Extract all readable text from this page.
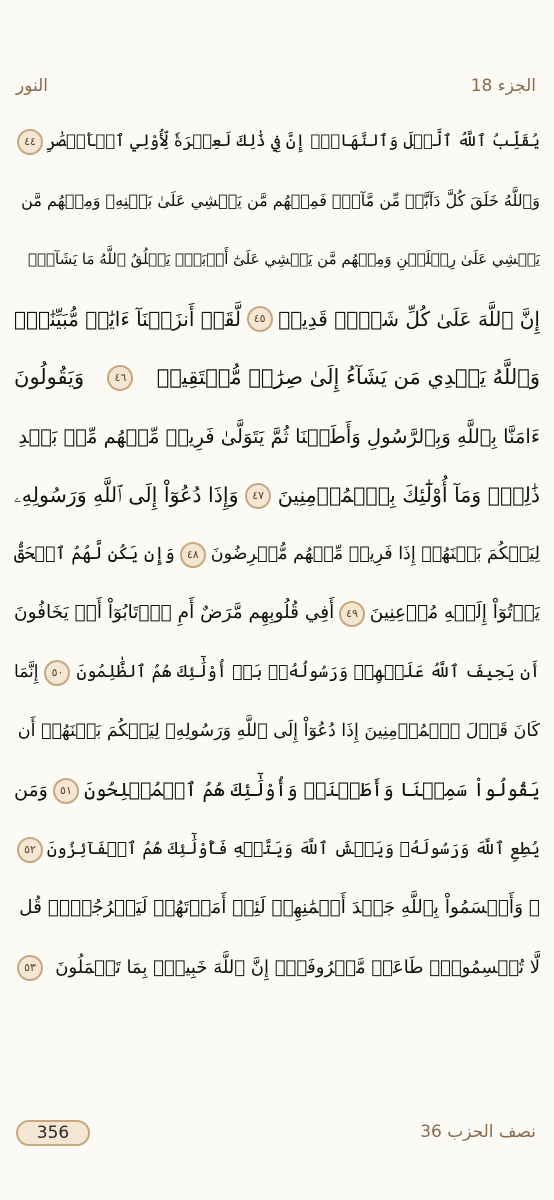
الجزء 18
النور
يُقَلِّبُ ٱللَّهُ ٱلَّيۡلَ وَٱلنَّهَارَۚ إِنَّ فِي ذَٰلِكَ لَعِبۡرَةٗ لِّأُوْلِي ٱلۡأَبۡصَٰرِ
٤٤
وَٱللَّهُ خَلَقَ كُلَّ دَآبَّةٖ مِّن مَّآءٖۖ فَمِنۡهُم مَّن يَمۡشِي عَلَىٰ بَطۡنِهِۦ وَمِنۡهُم مَّن
يَمۡشِي عَلَىٰ رِجۡلَيۡنِ وَمِنۡهُم مَّن يَمۡشِي عَلَىٰٓ أَرۡبَعٖۚ يَخۡلُقُ ٱللَّهُ مَا يَشَآءُۚ
إِنَّ ٱللَّهَ عَلَىٰ كُلِّ شَيۡءٖ قَدِيرٞ
٤٥
لَّقَدۡ أَنزَلۡنَآ ءَايَٰتٖ مُّبَيِّنَٰتٖۚ
وَٱللَّهُ يَهۡدِي مَن يَشَآءُ إِلَىٰ صِرَٰطٖ مُّسۡتَقِيمٖ
٤٦
وَيَقُولُونَ
ءَامَنَّا بِٱللَّهِ وَبِٱلرَّسُولِ وَأَطَعۡنَا ثُمَّ يَتَوَلَّىٰ فَرِيقٞ مِّنۡهُم مِّنۢ بَعۡدِ
ذَٰلِكَۚ وَمَآ أُوْلَٰٓئِكَ بِٱلۡمُؤۡمِنِينَ
٤٧
وَإِذَا دُعُوٓاْ إِلَى ٱللَّهِ وَرَسُولِهِۦ
لِيَحۡكُمَ بَيۡنَهُمۡ إِذَا فَرِيقٞ مِّنۡهُم مُّعۡرِضُونَ
٤٨
وَإِن يَكُن لَّهُمُ ٱلۡحَقُّ
يَأۡتُوٓاْ إِلَيۡهِ مُذۡعِنِينَ
٤٩
أَفِي قُلُوبِهِم مَّرَضٌ أَمِ ٱرۡتَابُوٓاْ أَمۡ يَخَافُونَ
أَن يَحِيفَ ٱللَّهُ عَلَيۡهِمۡ وَرَسُولُهُۥۚ بَلۡ أُوْلَٰٓئِكَ هُمُ ٱلظَّٰلِمُونَ
٥٠
إِنَّمَا
كَانَ قَوۡلَ ٱلۡمُؤۡمِنِينَ إِذَا دُعُوٓاْ إِلَى ٱللَّهِ وَرَسُولِهِۦ لِيَحۡكُمَ بَيۡنَهُمۡ أَن
يَقُولُواْ سَمِعۡنَا وَأَطَعۡنَاۚ وَأُوْلَٰٓئِكَ هُمُ ٱلۡمُفۡلِحُونَ
٥١
وَمَن
يُطِعِ ٱللَّهَ وَرَسُولَهُۥ وَيَخۡشَ ٱللَّهَ وَيَتَّقۡهِ فَأُوْلَٰٓئِكَ هُمُ ٱلۡفَآئِزُونَ
٥٢
۞ وَأَقۡسَمُواْ بِٱللَّهِ جَهۡدَ أَيۡمَٰنِهِمۡ لَئِنۡ أَمَرۡتَهُمۡ لَيَخۡرُجُنَّۖ قُل
لَّا تُقۡسِمُواْۖ طَاعَةٞ مَّعۡرُوفَةٌۚ إِنَّ ٱللَّهَ خَبِيرُۢ بِمَا تَعۡمَلُونَ
٥٣
356	نصف الحزب 36
